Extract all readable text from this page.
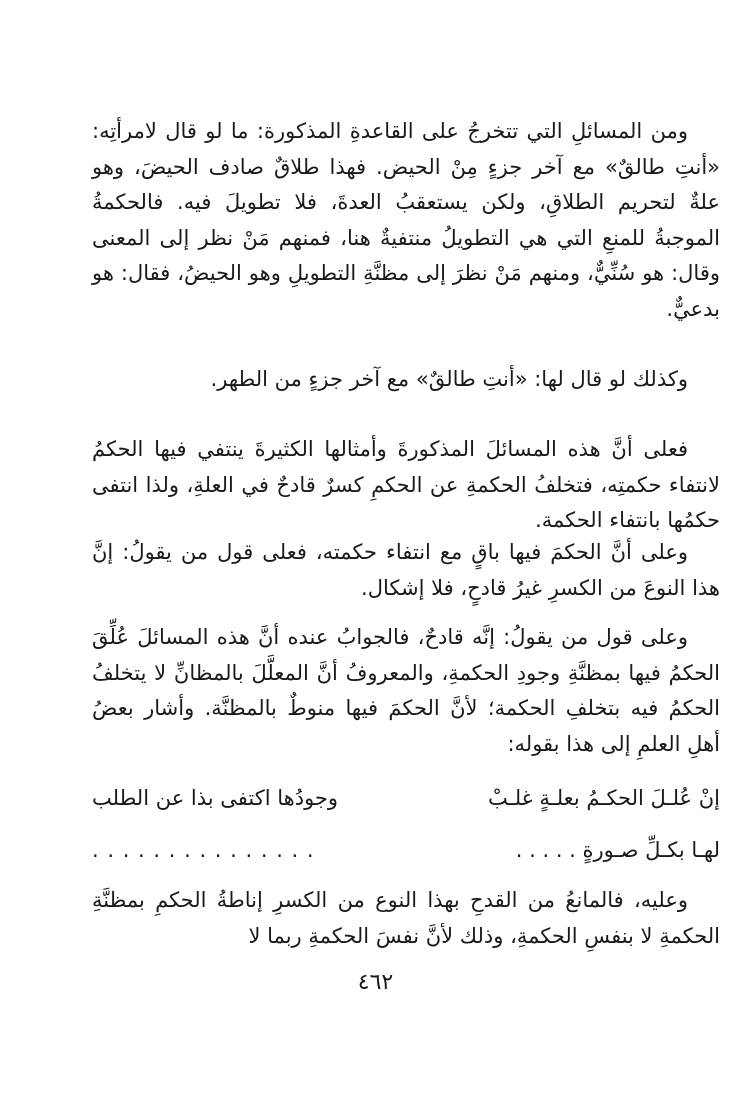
ومن المسائلِ التي تتخرجُ على القاعدةِ المذكورة: ما لو قال لامرأتِه: «أنتِ طالقٌ» مع آخر جزءٍ مِنْ الحيض. فهذا طلاقٌ صادف الحيضَ، وهو علةٌ لتحريم الطلاقِ، ولكن يستعقبُ العدةَ، فلا تطويلَ فيه. فالحكمةُ الموجبةُ للمنعِ التي هي التطويلُ منتفيةٌ هنا، فمنهم مَنْ نظر إلى المعنى وقال: هو سُنِّيٌّ، ومنهم مَنْ نظرَ إلى مظنَّةِ التطويلِ وهو الحيضُ، فقال: هو بدعيٌّ.

وكذلك لو قال لها: «أنتِ طالقٌ» مع آخر جزءٍ من الطهر.

فعلى أنَّ هذه المسائلَ المذكورةَ وأمثالها الكثيرةَ ينتفي فيها الحكمُ لانتفاء حكمتِه، فتخلفُ الحكمةِ عن الحكمِ كسرٌ قادحٌ في العلةِ، ولذا انتفى حكمُها بانتفاء الحكمة.

وعلى أنَّ الحكمَ فيها باقٍ مع انتفاء حكمته، فعلى قول من يقولُ: إنَّ هذا النوعَ من الكسرِ غيرُ قادحٍ، فلا إشكال.

وعلى قول من يقولُ: إنَّه قادحٌ، فالجوابُ عنده أنَّ هذه المسائلَ عُلِّقَ الحكمُ فيها بمظنَّةِ وجودِ الحكمةِ، والمعروفُ أنَّ المعلَّلَ بالمظانِّ لا يتخلفُ الحكمُ فيه بتخلفِ الحكمة؛ لأنَّ الحكمَ فيها منوطٌ بالمظنَّة. وأشار بعضُ أهلِ العلمِ إلى هذا بقوله:

إنْ عُلـلَ الحكـمُ بعلـةٍ غلـبْ
وجودُها اكتفى بذا عن الطلب
لهـا بكـلِّ صـورةٍ . . . . .
. . . . . . . . . . . . . . .

وعليه، فالمانعُ من القدحِ بهذا النوع من الكسرِ إناطةُ الحكمِ بمظنَّةِ الحكمةِ لا بنفسِ الحكمةِ، وذلك لأنَّ نفسَ الحكمةِ ربما لا

٤٦٢
